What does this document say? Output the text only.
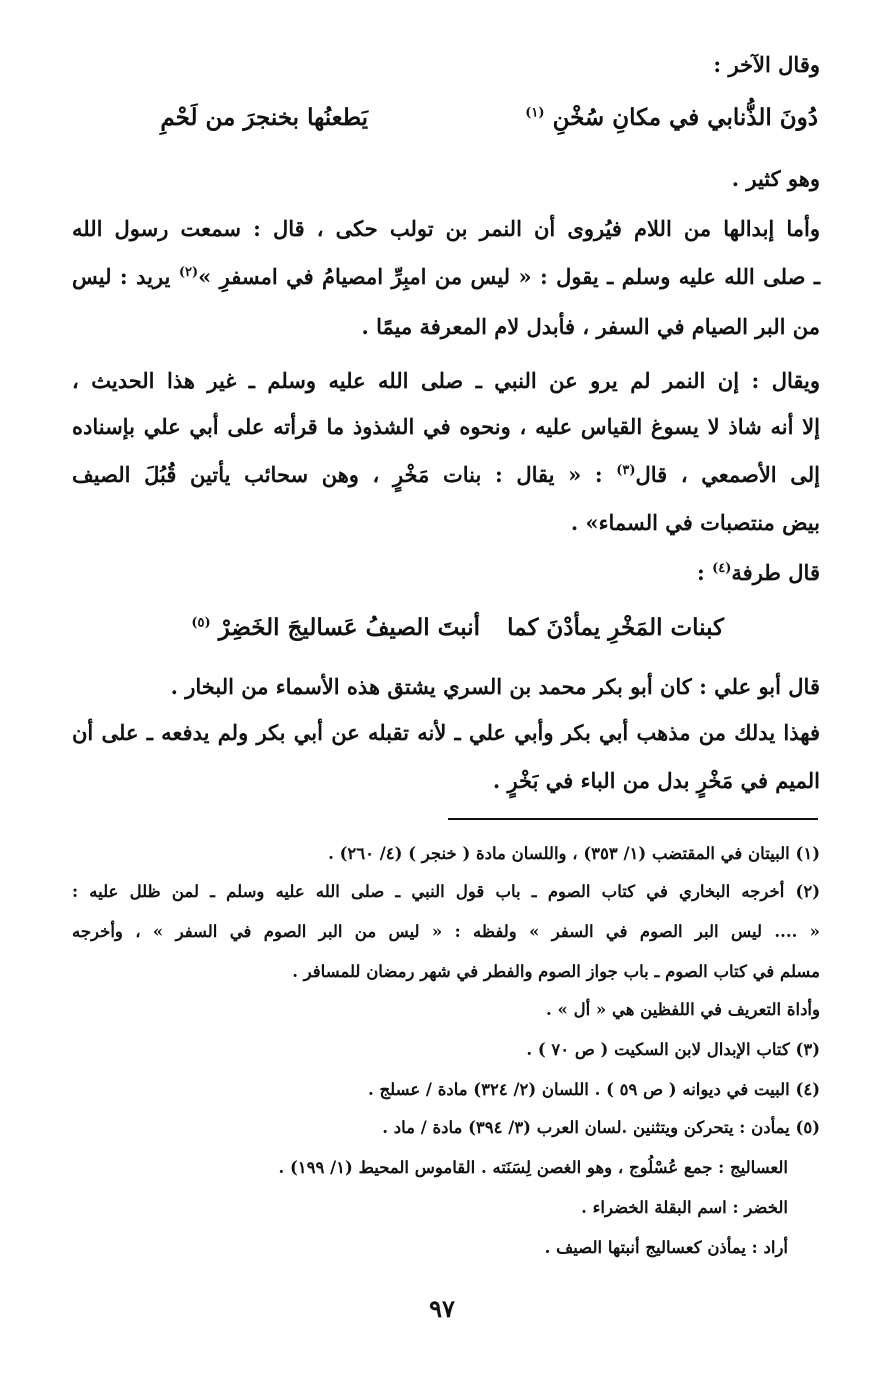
وقال الآخر :
دُونَ الذُّنابي في مكانِ سُخْنِ $^{(١)}$
يَطعنُها بخنجرَ من لَحْمِ
وهو كثير .
وأما إبدالها من اللام فيُروى أن النمر بن تولب حكى ، قال : سمعت رسول الله
ـ صلى الله عليه وسلم ـ يقول : « ليس من امبِرِّ امصيامُ في امسفرِ »$^{(٢)}$ يريد : ليس
من البر الصيام في السفر ، فأبدل لام المعرفة ميمًا .
ويقال : إن النمر لم يرو عن النبي ـ صلى الله عليه وسلم ـ غير هذا الحديث ،
إلا أنه شاذ لا يسوغ القياس عليه ، ونحوه في الشذوذ ما قرأته على أبي علي بإسناده
إلى الأصمعي ، قال$^{(٣)}$ : « يقال : بنات مَخْرٍ ، وهن سحائب يأتين قُبُلَ الصيف
بيض منتصبات في السماء» .
قال طرفة$^{(٤)}$ :
كبنات المَخْرِ يمأدْنَ كما
أنبتَ الصيفُ عَساليجَ الخَضِرْ $^{(٥)}$
قال أبو علي : كان أبو بكر محمد بن السري يشتق هذه الأسماء من البخار .
فهذا يدلك من مذهب أبي بكر وأبي علي ـ لأنه تقبله عن أبي بكر ولم يدفعه ـ على أن
الميم في مَخْرٍ بدل من الباء في بَخْرٍ .
(١) البيتان في المقتضب (١/ ٣٥٣) ، واللسان مادة ( خنجر ) (٤/ ٢٦٠) .
(٢) أخرجه البخاري في كتاب الصوم ـ باب قول النبي ـ صلى الله عليه وسلم ـ لمن ظلل عليه :
« .... ليس البر الصوم في السفر » ولفظه : « ليس من البر الصوم في السفر » ، وأخرجه
مسلم في كتاب الصوم ـ باب جواز الصوم والفطر في شهر رمضان للمسافر .
وأداة التعريف في اللفظين هي « أل » .
(٣) كتاب الإبدال لابن السكيت ( ص ٧٠ ) .
(٤) البيت في ديوانه ( ص ٥٩ ) . اللسان (٢/ ٣٢٤) مادة / عسلج .
(٥) يمأدن : يتحركن ويتثنين .لسان العرب (٣/ ٣٩٤) مادة / ماد .
العساليج : جمع عُسْلُوج ، وهو الغصن لِسَنَته . القاموس المحيط (١/ ١٩٩) .
الخضر : اسم البقلة الخضراء .
أراد : يمأذن كعساليج أنبتها الصيف .
٩٧
